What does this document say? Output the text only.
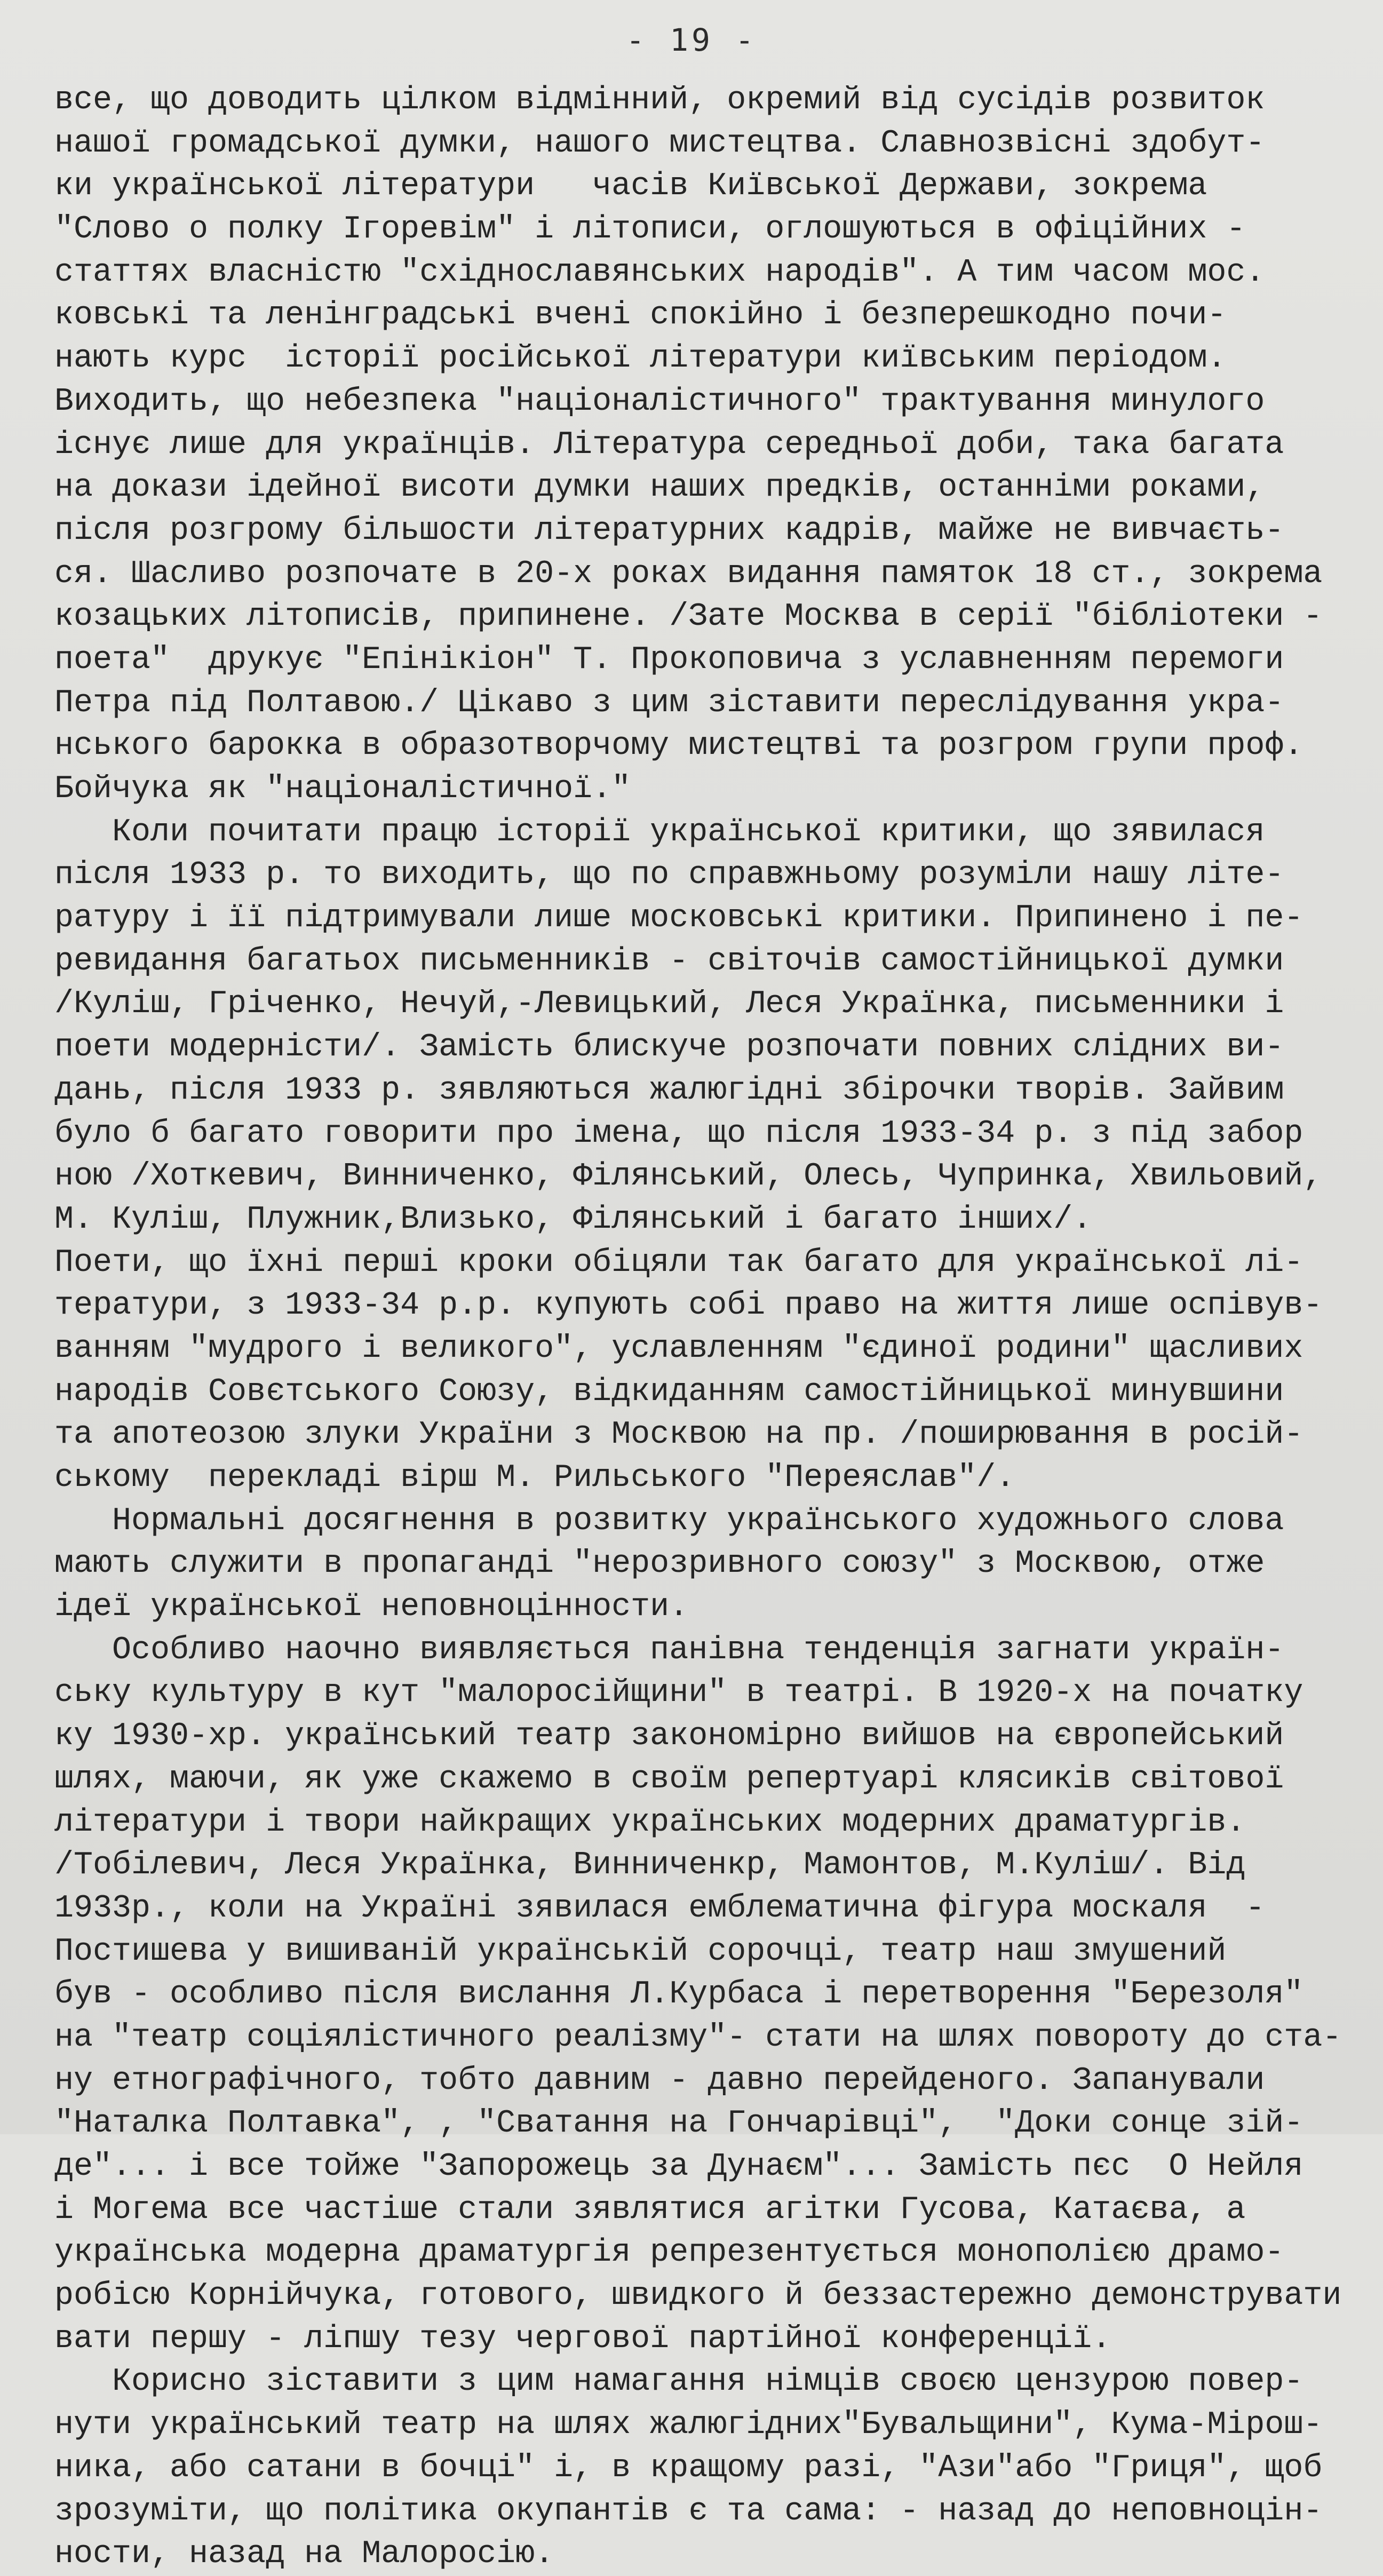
- 19 -
все, що доводить цілком відмінний, окремий від сусідів розвиток
нашої громадської думки, нашого мистецтва. Славнозвісні здобут-
ки української літератури   часів Київської Держави, зокрема
"Слово о полку Ігоревім" і літописи, оглошуються в офіційних -
статтях власністю "східнославянських народів". А тим часом мос.
ковські та ленінградські вчені спокійно і безперешкодно почи-
нають курс  історії російської літератури київським періодом.
Виходить, що небезпека "націоналістичного" трактування минулого
існує лише для українців. Література середньої доби, така багата
на докази ідейної висоти думки наших предків, останніми роками,
після розгрому більшости літературних кадрів, майже не вивчаєть-
ся. Шасливо розпочате в 20-х роках видання памяток 18 ст., зокрема
козацьких літописів, припинене. /Зате Москва в серії "бібліотеки -
поета"  друкує "Епінікіон" Т. Прокоповича з уславненням перемоги
Петра під Полтавою./ Цікаво з цим зіставити переслідування укра-
нського барокка в образотворчому мистецтві та розгром групи проф.
Бойчука як "націоналістичної."
Коли почитати працю історії української критики, що зявилася
після 1933 р. то виходить, що по справжньому розуміли нашу літе-
ратуру і її підтримували лише московські критики. Припинено і пе-
ревидання багатьох письменників - світочів самостійницької думки
/Куліш, Гріченко, Нечуй,-Левицький, Леся Українка, письменники і
поети модерністи/. Замість блискуче розпочати повних слідних ви-
дань, після 1933 р. зявляються жалюгідні збірочки творів. Зайвим
було б багато говорити про імена, що після 1933-34 р. з під забор
ною /Хоткевич, Винниченко, Філянський, Олесь, Чупринка, Хвильовий,
М. Куліш, Плужник,Влизько, Філянський і багато інших/.
Поети, що їхні перші кроки обіцяли так багато для української лі-
тератури, з 1933-34 р.р. купують собі право на життя лише оспівув-
ванням "мудрого і великого", уславленням "єдиної родини" щасливих
народів Совєтського Союзу, відкиданням самостійницької минувшини
та апотеозою злуки України з Москвою на пр. /поширювання в росій-
ському  перекладі вірш М. Рильського "Переяслав"/.
Нормальні досягнення в розвитку українського художнього слова
мають служити в пропаганді "нерозривного союзу" з Москвою, отже
ідеї української неповноцінности.
Особливо наочно виявляється панівна тенденція загнати україн-
ську культуру в кут "малоросійщини" в театрі. В 1920-х на початку
ку 1930-хр. український театр закономірно вийшов на європейський
шлях, маючи, як уже скажемо в своїм репертуарі клясиків світової
літератури і твори найкращих українських модерних драматургів.
/Тобілевич, Леся Українка, Винниченкр, Мамонтов, М.Куліш/. Від
1933р., коли на Україні зявилася емблематична фігура москаля  -
Постишева у вишиваній українській сорочці, театр наш змушений
був - особливо після вислання Л.Курбаса і перетворення "Березоля"
на "театр соціялістичного реалізму"- стати на шлях повороту до ста-
ну етнографічного, тобто давним - давно перейденого. Запанували
"Наталка Полтавка", , "Сватання на Гончарівці",  "Доки сонце зій-
де"... і все тойже "Запорожець за Дунаєм"... Замість пєс  О Нейля
і Могема все частіше стали зявлятися агітки Гусова, Катаєва, а
українська модерна драматургія репрезентується монополією драмо-
робісю Корнійчука, готового, швидкого й беззастережно демонструвати
вати першу - ліпшу тезу чергової партійної конференції.
Корисно зіставити з цим намагання німців своєю цензурою повер-
нути український театр на шлях жалюгідних"Бувальщини", Кума-Мірош-
ника, або сатани в бочці" і, в кращому разі, "Ази"або "Гриця", щоб
зрозуміти, що політика окупантів є та сама: - назад до неповноцін-
ности, назад на Малоросію.
